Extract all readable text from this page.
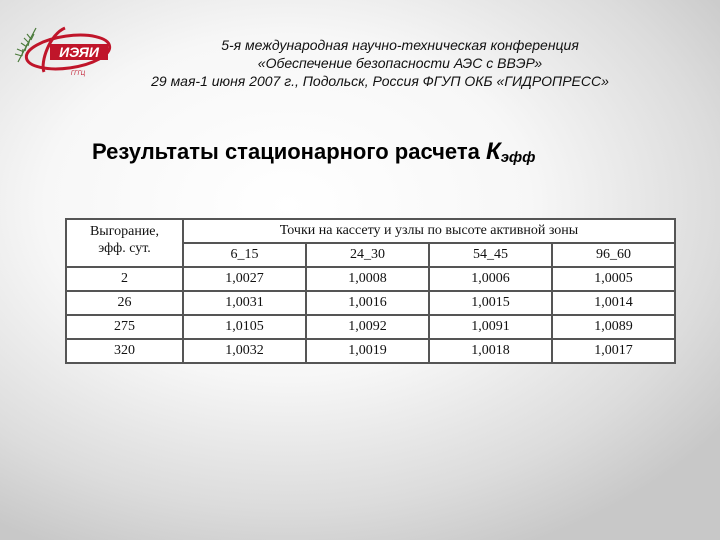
ИЭЯИ
ГГГЦ
5-я международная научно-техническая конференция
«Обеспечение безопасности АЭС с ВВЭР»

29 мая-1 июня 2007 г., Подольск, Россия ФГУП ОКБ «ГИДРОПРЕСС»
Результаты стационарного расчета Кэфф
Выгорание,
эфф. сут.	Точки на кассету и узлы по высоте активной зоны			
	6_15	24_30	54_45	96_60
2	1,0027	1,0008	1,0006	1,0005
26	1,0031	1,0016	1,0015	1,0014
275	1,0105	1,0092	1,0091	1,0089
320	1,0032	1,0019	1,0018	1,0017
